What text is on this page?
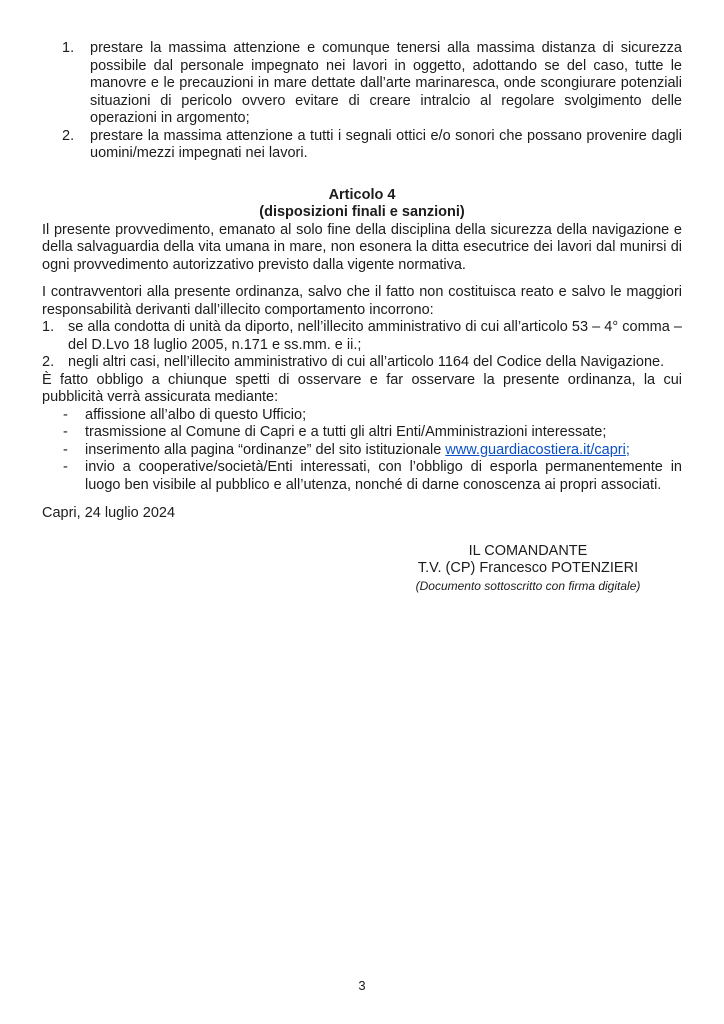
1.	prestare la massima attenzione e comunque tenersi alla massima distanza di sicurezza possibile dal personale impegnato nei lavori in oggetto, adottando se del caso, tutte le manovre e le precauzioni in mare dettate dall’arte marinaresca, onde scongiurare potenziali situazioni di pericolo ovvero evitare di creare intralcio al regolare svolgimento delle operazioni in argomento;
2.	prestare la massima attenzione a tutti i segnali ottici e/o sonori che possano provenire dagli uomini/mezzi impegnati nei lavori.
Articolo 4
(disposizioni finali e sanzioni)

Il presente provvedimento, emanato al solo fine della disciplina della sicurezza della navigazione e della salvaguardia della vita umana in mare, non esonera la ditta esecutrice dei lavori dal munirsi di ogni provvedimento autorizzativo previsto dalla vigente normativa.

I contravventori alla presente ordinanza, salvo che il fatto non costituisca reato e salvo le maggiori responsabilità derivanti dall’illecito comportamento incorrono:

1. se alla condotta di unità da diporto, nell’illecito amministrativo di cui all’articolo 53 – 4° comma – del D.Lvo 18 luglio 2005, n.171 e ss.mm. e ii.;
2. negli altri casi, nell’illecito amministrativo di cui all’articolo 1164 del Codice della Navigazione.

È fatto obbligo a chiunque spetti di osservare e far osservare la presente ordinanza, la cui pubblicità verrà assicurata mediante:

-	affissione all’albo di questo Ufficio;
-	trasmissione al Comune di Capri e a tutti gli altri Enti/Amministrazioni interessate;
-	inserimento alla pagina “ordinanze” del sito istituzionale www.guardiacostiera.it/capri;
-	invio a cooperative/società/Enti interessati, con l’obbligo di esporla permanentemente in luogo ben visibile al pubblico e all’utenza, nonché di darne conoscenza ai propri associati.

Capri, 24 luglio 2024

IL COMANDANTE
T.V. (CP) Francesco POTENZIERI
(Documento sottoscritto con firma digitale)
3
